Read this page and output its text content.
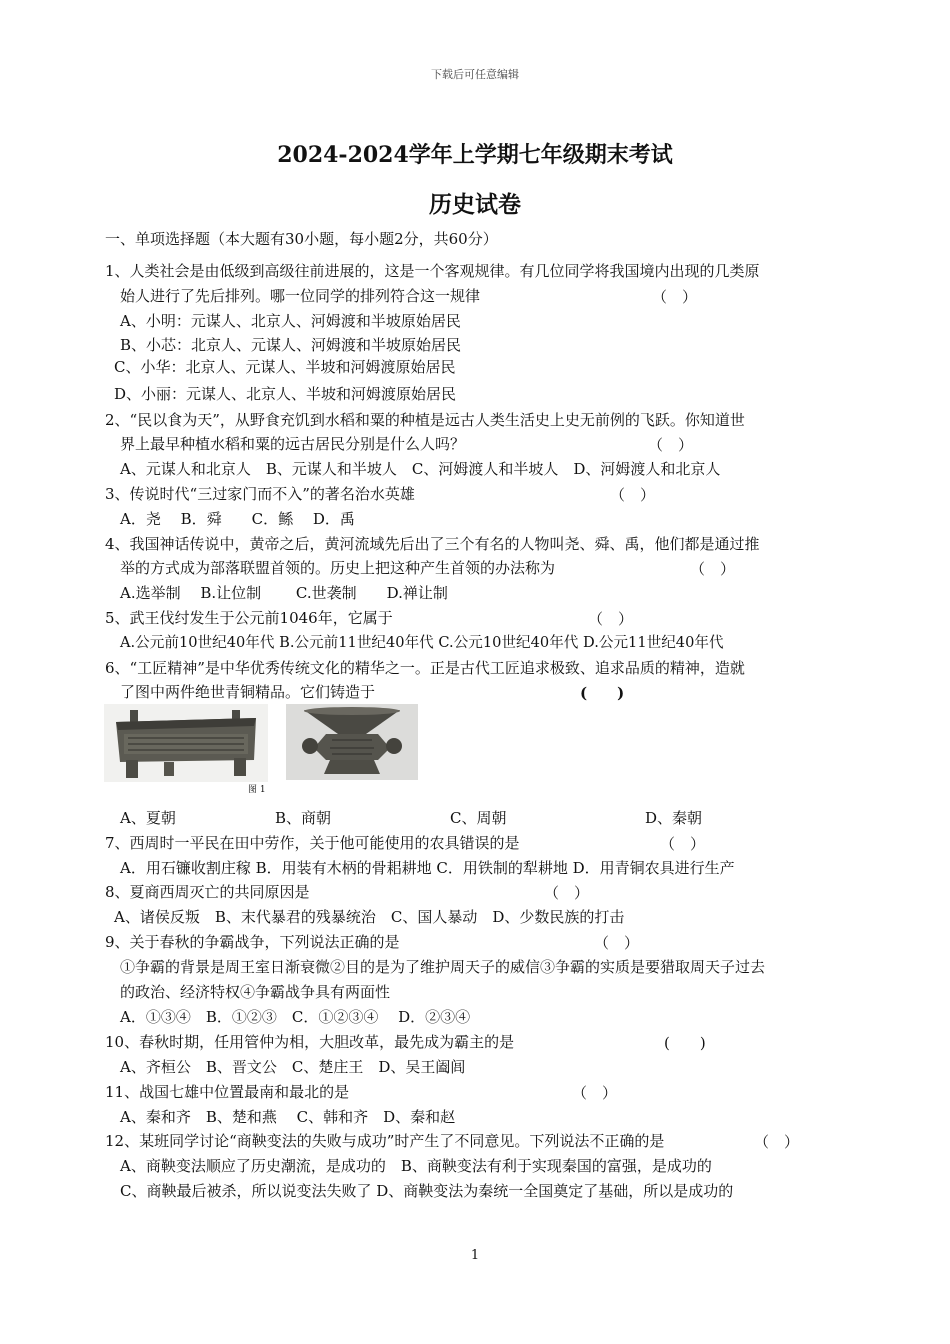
下载后可任意编辑
2024-2024学年上学期七年级期末考试
历史试卷
一、单项选择题（本大题有30小题，每小题2分，共60分）
1、人类社会是由低级到高级往前进展的，这是一个客观规律。有几位同学将我国境内出现的几类原
始人进行了先后排列。哪一位同学的排列符合这一规律	（　）
A、小明：元谋人、北京人、河姆渡和半坡原始居民
B、小芯：北京人、元谋人、河姆渡和半坡原始居民
C、小华：北京人、元谋人、半坡和河姆渡原始居民
D、小丽：元谋人、北京人、半坡和河姆渡原始居民
2、“民以食为天”，从野食充饥到水稻和粟的种植是远古人类生活史上史无前例的飞跃。你知道世
界上最早种植水稻和粟的远古居民分别是什么人吗？	（　）
A、元谋人和北京人　B、元谋人和半坡人　C、河姆渡人和半坡人　D、河姆渡人和北京人
3、传说时代“三过家门而不入”的著名治水英雄	（　）
A．尧　 B．舜　　C．鲧　 D．禹
4、我国神话传说中，黄帝之后，黄河流域先后出了三个有名的人物叫尧、舜、禹，他们都是通过推
举的方式成为部落联盟首领的。历史上把这种产生首领的办法称为	（　）
A.选举制　 B.让位制　　 C.世袭制　　D.禅让制
5、武王伐纣发生于公元前1046年，它属于	（　）
A.公元前10世纪40年代 B.公元前11世纪40年代 C.公元10世纪40年代 D.公元11世纪40年代
6、“工匠精神”是中华优秀传统文化的精华之一。正是古代工匠追求极致、追求品质的精神，造就
了图中两件绝世青铜精品。它们铸造于	(　　)
图 1
A、夏朝	B、商朝	C、周朝	D、秦朝
7、西周时一平民在田中劳作，关于他可能使用的农具错误的是	（　）
A．用石镰收割庄稼 B．用装有木柄的骨耜耕地 C．用铁制的犁耕地 D．用青铜农具进行生产
8、夏商西周灭亡的共同原因是	（　）
A、诸侯反叛　B、末代暴君的残暴统治　C、国人暴动　D、少数民族的打击
9、关于春秋的争霸战争，下列说法正确的是	（　）
①争霸的背景是周王室日渐衰微②目的是为了维护周天子的威信③争霸的实质是要猎取周天子过去
的政治、经济特权④争霸战争具有两面性
A．①③④　B．①②③　C．①②③④　 D．②③④
10、春秋时期，任用管仲为相，大胆改革，最先成为霸主的是	(　　)
A、齐桓公　B、晋文公　C、楚庄王　D、吴王阖闾
11、战国七雄中位置最南和最北的是	（　）
A、秦和齐　B、楚和燕　 C、韩和齐　D、秦和赵
12、某班同学讨论“商鞅变法的失败与成功”时产生了不同意见。下列说法不正确的是	（　）
A、商鞅变法顺应了历史潮流，是成功的　B、商鞅变法有利于实现秦国的富强，是成功的
C、商鞅最后被杀，所以说变法失败了 D、商鞅变法为秦统一全国奠定了基础，所以是成功的
1
